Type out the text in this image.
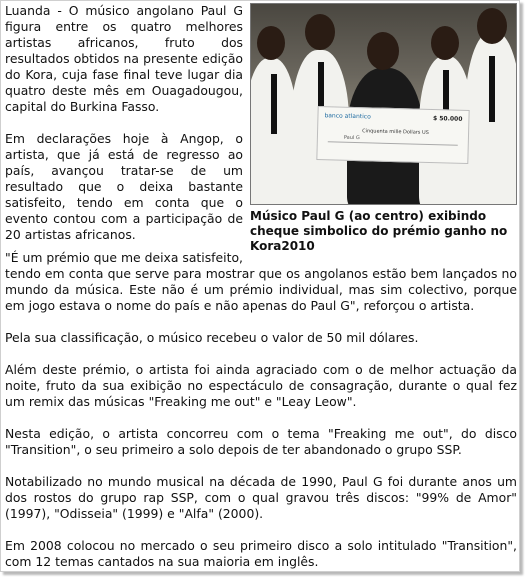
Luanda - O músico angolano Paul G figura entre os quatro melhores artistas africanos, fruto dos resultados obtidos na presente edição do Kora, cuja fase final teve lugar dia quatro deste mês em Ouagadougou, capital do Burkina Fasso.

Em declarações hoje à Angop, o artista, que já está de regresso ao país, avançou tratar-se de um resultado que o deixa bastante satisfeito, tendo em conta que o evento contou com a participação de 20 artistas africanos.

banco atlantico	$ 50.000
Cinquenta mille Dollars US
Paul G
Músico Paul G (ao centro) exibindo cheque simbolico do prémio ganho no Kora2010
"É um prémio que me deixa satisfeito,
tendo em conta que serve para mostrar que os angolanos estão bem lançados no mundo da música. Este não é um prémio individual, mas sim colectivo, porque em jogo estava o nome do país e não apenas do Paul G", reforçou o artista.

Pela sua classificação, o músico recebeu o valor de 50 mil dólares.

Além deste prémio, o artista foi ainda agraciado com o de melhor actuação da noite, fruto da sua exibição no espectáculo de consagração, durante o qual fez um remix das músicas "Freaking me out" e "Leay Leow".

Nesta edição, o artista concorreu com o tema "Freaking me out", do disco "Transition", o seu primeiro a solo depois de ter abandonado o grupo SSP.

Notabilizado no mundo musical na década de 1990, Paul G foi durante anos um dos rostos do grupo rap SSP, com o qual gravou três discos: "99% de Amor" (1997), "Odisseia" (1999) e "Alfa" (2000).

Em 2008 colocou no mercado o seu primeiro disco a solo intitulado "Transition", com 12 temas cantados na sua maioria em inglês.
